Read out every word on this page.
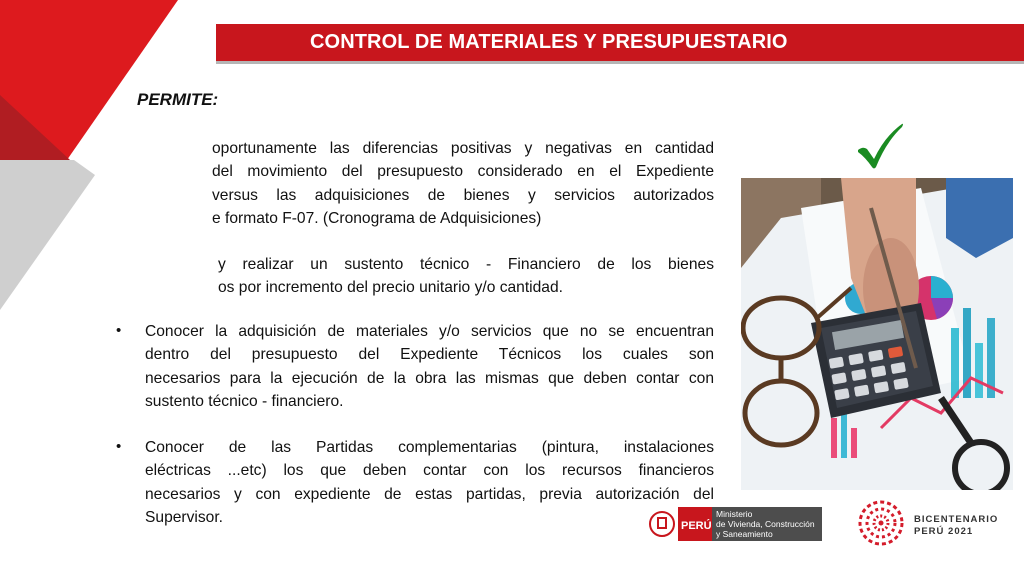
CONTROL DE MATERIALES Y PRESUPUESTARIO
PERMITE:
oportunamente las diferencias positivas y negativas en cantidad
del movimiento del presupuesto considerado en el Expediente
versus las adquisiciones de bienes y servicios autorizados
e formato F-07. (Cronograma de Adquisiciones)
y realizar un sustento técnico - Financiero de los bienes
os por incremento del precio unitario y/o cantidad.
• Conocer la adquisición de materiales y/o servicios que no se encuentran
dentro del presupuesto del Expediente Técnicos los cuales son
necesarios para la ejecución de la obra las mismas que deben contar con
sustento técnico - financiero.
• Conocer de las Partidas complementarias (pintura, instalaciones
eléctricas ...etc) los que deben contar con los recursos financieros
necesarios y con expediente de estas partidas, previa autorización del
Supervisor.
PERÚ
Ministerio
de Vivienda, Construcción
y Saneamiento
BICENTENARIO
PERÚ 2021
